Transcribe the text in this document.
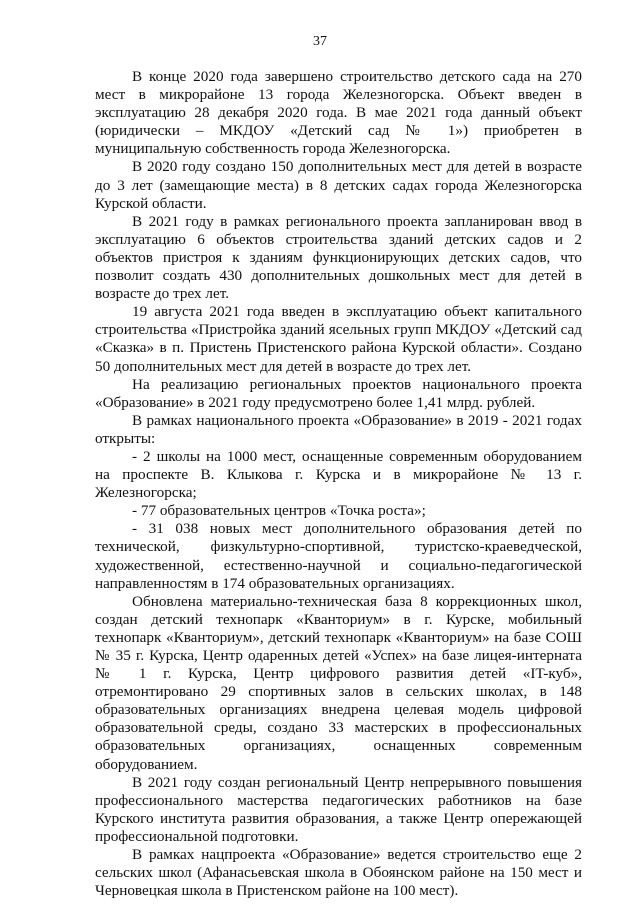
37

В конце 2020 года завершено строительство детского сада на 270 мест в микрорайоне 13 города Железногорска. Объект введен в эксплуатацию 28 декабря 2020 года. В мае 2021 года данный объект (юридически – МКДОУ «Детский сад № 1») приобретен в муниципальную собственность города Железногорска.

В 2020 году создано 150 дополнительных мест для детей в возрасте до 3 лет (замещающие места) в 8 детских садах города Железногорска Курской области.

В 2021 году в рамках регионального проекта запланирован ввод в эксплуатацию 6 объектов строительства зданий детских садов и 2 объектов пристроя к зданиям функционирующих детских садов, что позволит создать 430 дополнительных дошкольных мест для детей в возрасте до трех лет.

19 августа 2021 года введен в эксплуатацию объект капитального строительства «Пристройка зданий ясельных групп МКДОУ «Детский сад «Сказка» в п. Пристень Пристенского района Курской области». Создано 50 дополнительных мест для детей в возрасте до трех лет.

На реализацию региональных проектов национального проекта «Образование» в 2021 году предусмотрено более 1,41 млрд. рублей.

В рамках национального проекта «Образование» в 2019 - 2021 годах открыты:

- 2 школы на 1000 мест, оснащенные современным оборудованием на проспекте В. Клыкова г. Курска и в микрорайоне № 13 г. Железногорска;

- 77 образовательных центров «Точка роста»;

- 31 038 новых мест дополнительного образования детей по технической, физкультурно-спортивной, туристско-краеведческой, художественной, естественно-научной и социально-педагогической направленностям в 174 образовательных организациях.

Обновлена материально-техническая база 8 коррекционных школ, создан детский технопарк «Кванториум» в г. Курске, мобильный технопарк «Кванториум», детский технопарк «Кванториум» на базе СОШ № 35 г. Курска, Центр одаренных детей «Успех» на базе лицея-интерната № 1 г. Курска, Центр цифрового развития детей «IT-куб», отремонтировано 29 спортивных залов в сельских школах, в 148 образовательных организациях внедрена целевая модель цифровой образовательной среды, создано 33 мастерских в профессиональных образовательных организациях, оснащенных современным оборудованием.

В 2021 году создан региональный Центр непрерывного повышения профессионального мастерства педагогических работников на базе Курского института развития образования, а также Центр опережающей профессиональной подготовки.

В рамках нацпроекта «Образование» ведется строительство еще 2 сельских школ (Афанасьевская школа в Обоянском районе на 150 мест и Черновецкая школа в Пристенском районе на 100 мест).
